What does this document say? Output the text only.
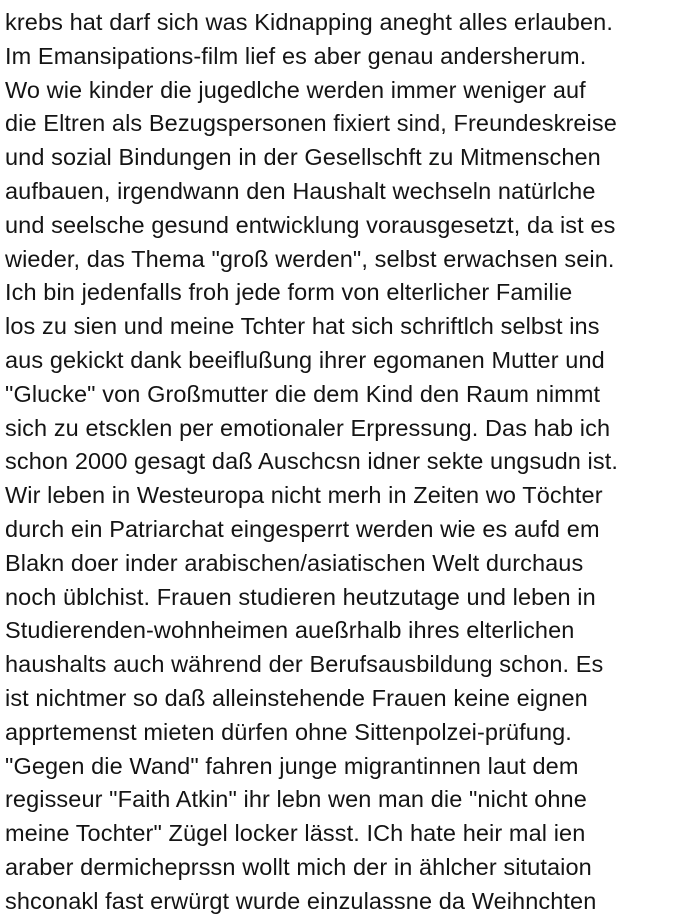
krebs hat darf sich was Kidnapping aneght alles erlauben.
Im Emansipations-film lief es aber genau andersherum.
Wo wie kinder die jugedlche werden immer weniger auf
die Eltren als Bezugspersonen fixiert sind, Freundeskreise
und sozial Bindungen in der Gesellschft zu Mitmenschen
aufbauen, irgendwann den Haushalt wechseln natürlche
und seelsche gesund entwicklung vorausgesetzt, da ist es
wieder, das Thema "groß werden", selbst erwachsen sein.
Ich bin jedenfalls froh jede form von elterlicher Familie
los zu sien und meine Tchter hat sich schriftlch selbst ins
aus gekickt dank beeiflußung ihrer egomanen Mutter und
"Glucke" von Großmutter die dem Kind den Raum nimmt
sich zu etscklen per emotionaler Erpressung. Das hab ich
schon 2000 gesagt daß Auschcsn idner sekte ungsudn ist.
Wir leben in Westeuropa nicht merh in Zeiten wo Töchter
durch ein Patriarchat eingesperrt werden wie es aufd em
Blakn doer inder arabischen/asiatischen Welt durchaus
noch üblchist. Frauen studieren heutzutage und leben in
Studierenden-wohnheimen aueßrhalb ihres elterlichen
haushalts auch während der Berufsausbildung schon. Es
ist nichtmer so daß alleinstehende Frauen keine eignen
apprtemenst mieten dürfen ohne Sittenpolzei-prüfung.
"Gegen die Wand" fahren junge migrantinnen laut dem
regisseur "Faith Atkin" ihr lebn wen man die "nicht ohne
meine Tochter" Zügel locker lässt. ICh hate heir mal ien
araber dermicheprssn wollt mich der in ählcher situtaion
shconakl fast erwürgt wurde einzulassne da Weihnchten
